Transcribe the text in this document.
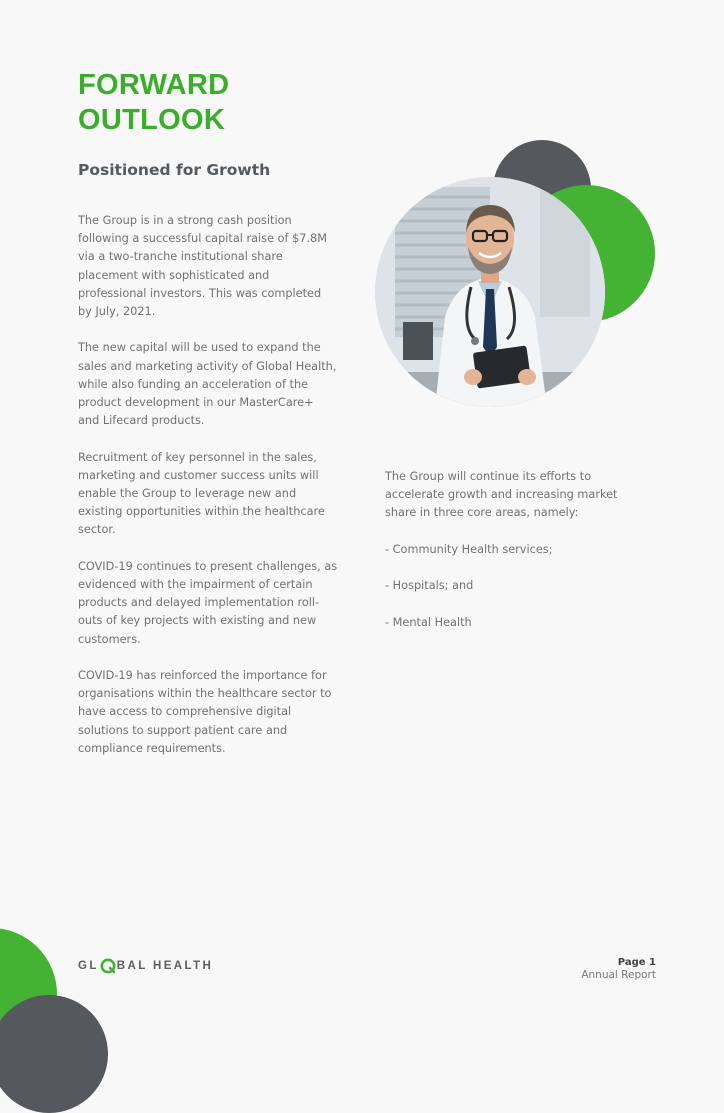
FORWARD
OUTLOOK
Positioned for Growth

The Group is in a strong cash position following a successful capital raise of $7.8M via a two-tranche institutional share placement with sophisticated and professional investors. This was completed by July, 2021.

The new capital will be used to expand the sales and marketing activity of Global Health, while also funding an acceleration of the product development in our MasterCare+ and Lifecard products.

Recruitment of key personnel in the sales, marketing and customer success units will enable the Group to leverage new and existing opportunities within the healthcare sector.

COVID-19 continues to present challenges, as evidenced with the impairment of certain products and delayed implementation roll-outs of key projects with existing and new customers.

COVID-19 has reinforced the importance for organisations within the healthcare sector to have access to comprehensive digital solutions to support patient care and compliance requirements.

The Group will continue its efforts to accelerate growth and increasing market share in three core areas, namely:

- Community Health services;

- Hospitals; and

- Mental Health

GL BAL HEALTH	Page 1
Annual Report
